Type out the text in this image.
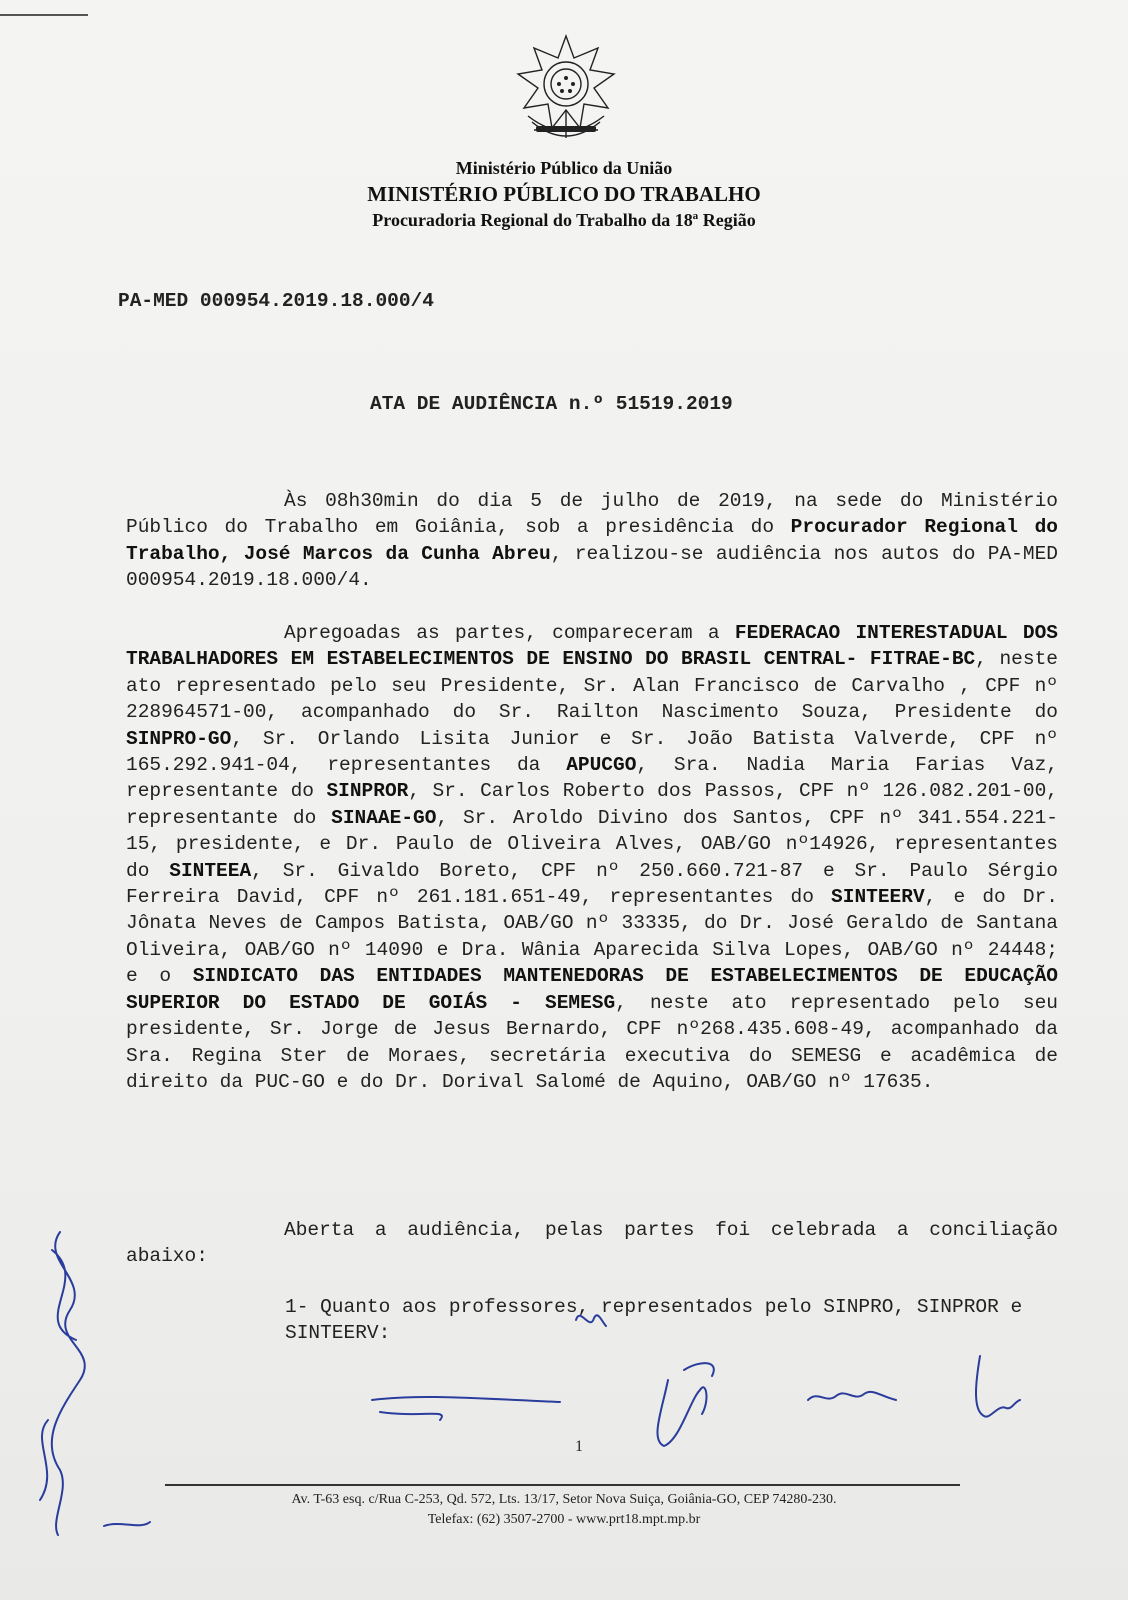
Ministério Público da União
MINISTÉRIO PÚBLICO DO TRABALHO
Procuradoria Regional do Trabalho da 18ª Região
PA-MED 000954.2019.18.000/4
ATA DE AUDIÊNCIA n.º 51519.2019
Às 08h30min do dia 5 de julho de 2019, na sede do Ministério Público do Trabalho em Goiânia, sob a presidência do Procurador Regional do Trabalho, José Marcos da Cunha Abreu, realizou-se audiência nos autos do PA-MED 000954.2019.18.000/4.
Apregoadas as partes, compareceram a FEDERACAO INTERESTADUAL DOS TRABALHADORES EM ESTABELECIMENTOS DE ENSINO DO BRASIL CENTRAL- FITRAE-BC, neste ato representado pelo seu Presidente, Sr. Alan Francisco de Carvalho , CPF nº 228964571-00, acompanhado do Sr. Railton Nascimento Souza, Presidente do SINPRO-GO, Sr. Orlando Lisita Junior e Sr. João Batista Valverde, CPF nº 165.292.941-04, representantes da APUCGO, Sra. Nadia Maria Farias Vaz, representante do SINPROR, Sr. Carlos Roberto dos Passos, CPF nº 126.082.201-00, representante do SINAAE-GO, Sr. Aroldo Divino dos Santos, CPF nº 341.554.221-15, presidente, e Dr. Paulo de Oliveira Alves, OAB/GO nº14926, representantes do SINTEEA, Sr. Givaldo Boreto, CPF nº 250.660.721-87 e Sr. Paulo Sérgio Ferreira David, CPF nº 261.181.651-49, representantes do SINTEERV, e do Dr. Jônata Neves de Campos Batista, OAB/GO nº 33335, do Dr. José Geraldo de Santana Oliveira, OAB/GO nº 14090 e Dra. Wânia Aparecida Silva Lopes, OAB/GO nº 24448; e o SINDICATO DAS ENTIDADES MANTENEDORAS DE ESTABELECIMENTOS DE EDUCAÇÃO SUPERIOR DO ESTADO DE GOIÁS - SEMESG, neste ato representado pelo seu presidente, Sr. Jorge de Jesus Bernardo, CPF nº268.435.608-49, acompanhado da Sra. Regina Ster de Moraes, secretária executiva do SEMESG e acadêmica de direito da PUC-GO e do Dr. Dorival Salomé de Aquino, OAB/GO nº 17635.
Aberta a audiência, pelas partes foi celebrada a conciliação abaixo:
1- Quanto aos professores, representados pelo SINPRO, SINPROR e SINTEERV:
1
Av. T-63 esq. c/Rua C-253, Qd. 572, Lts. 13/17, Setor Nova Suiça, Goiânia-GO, CEP 74280-230.
Telefax: (62) 3507-2700 - www.prt18.mpt.mp.br
